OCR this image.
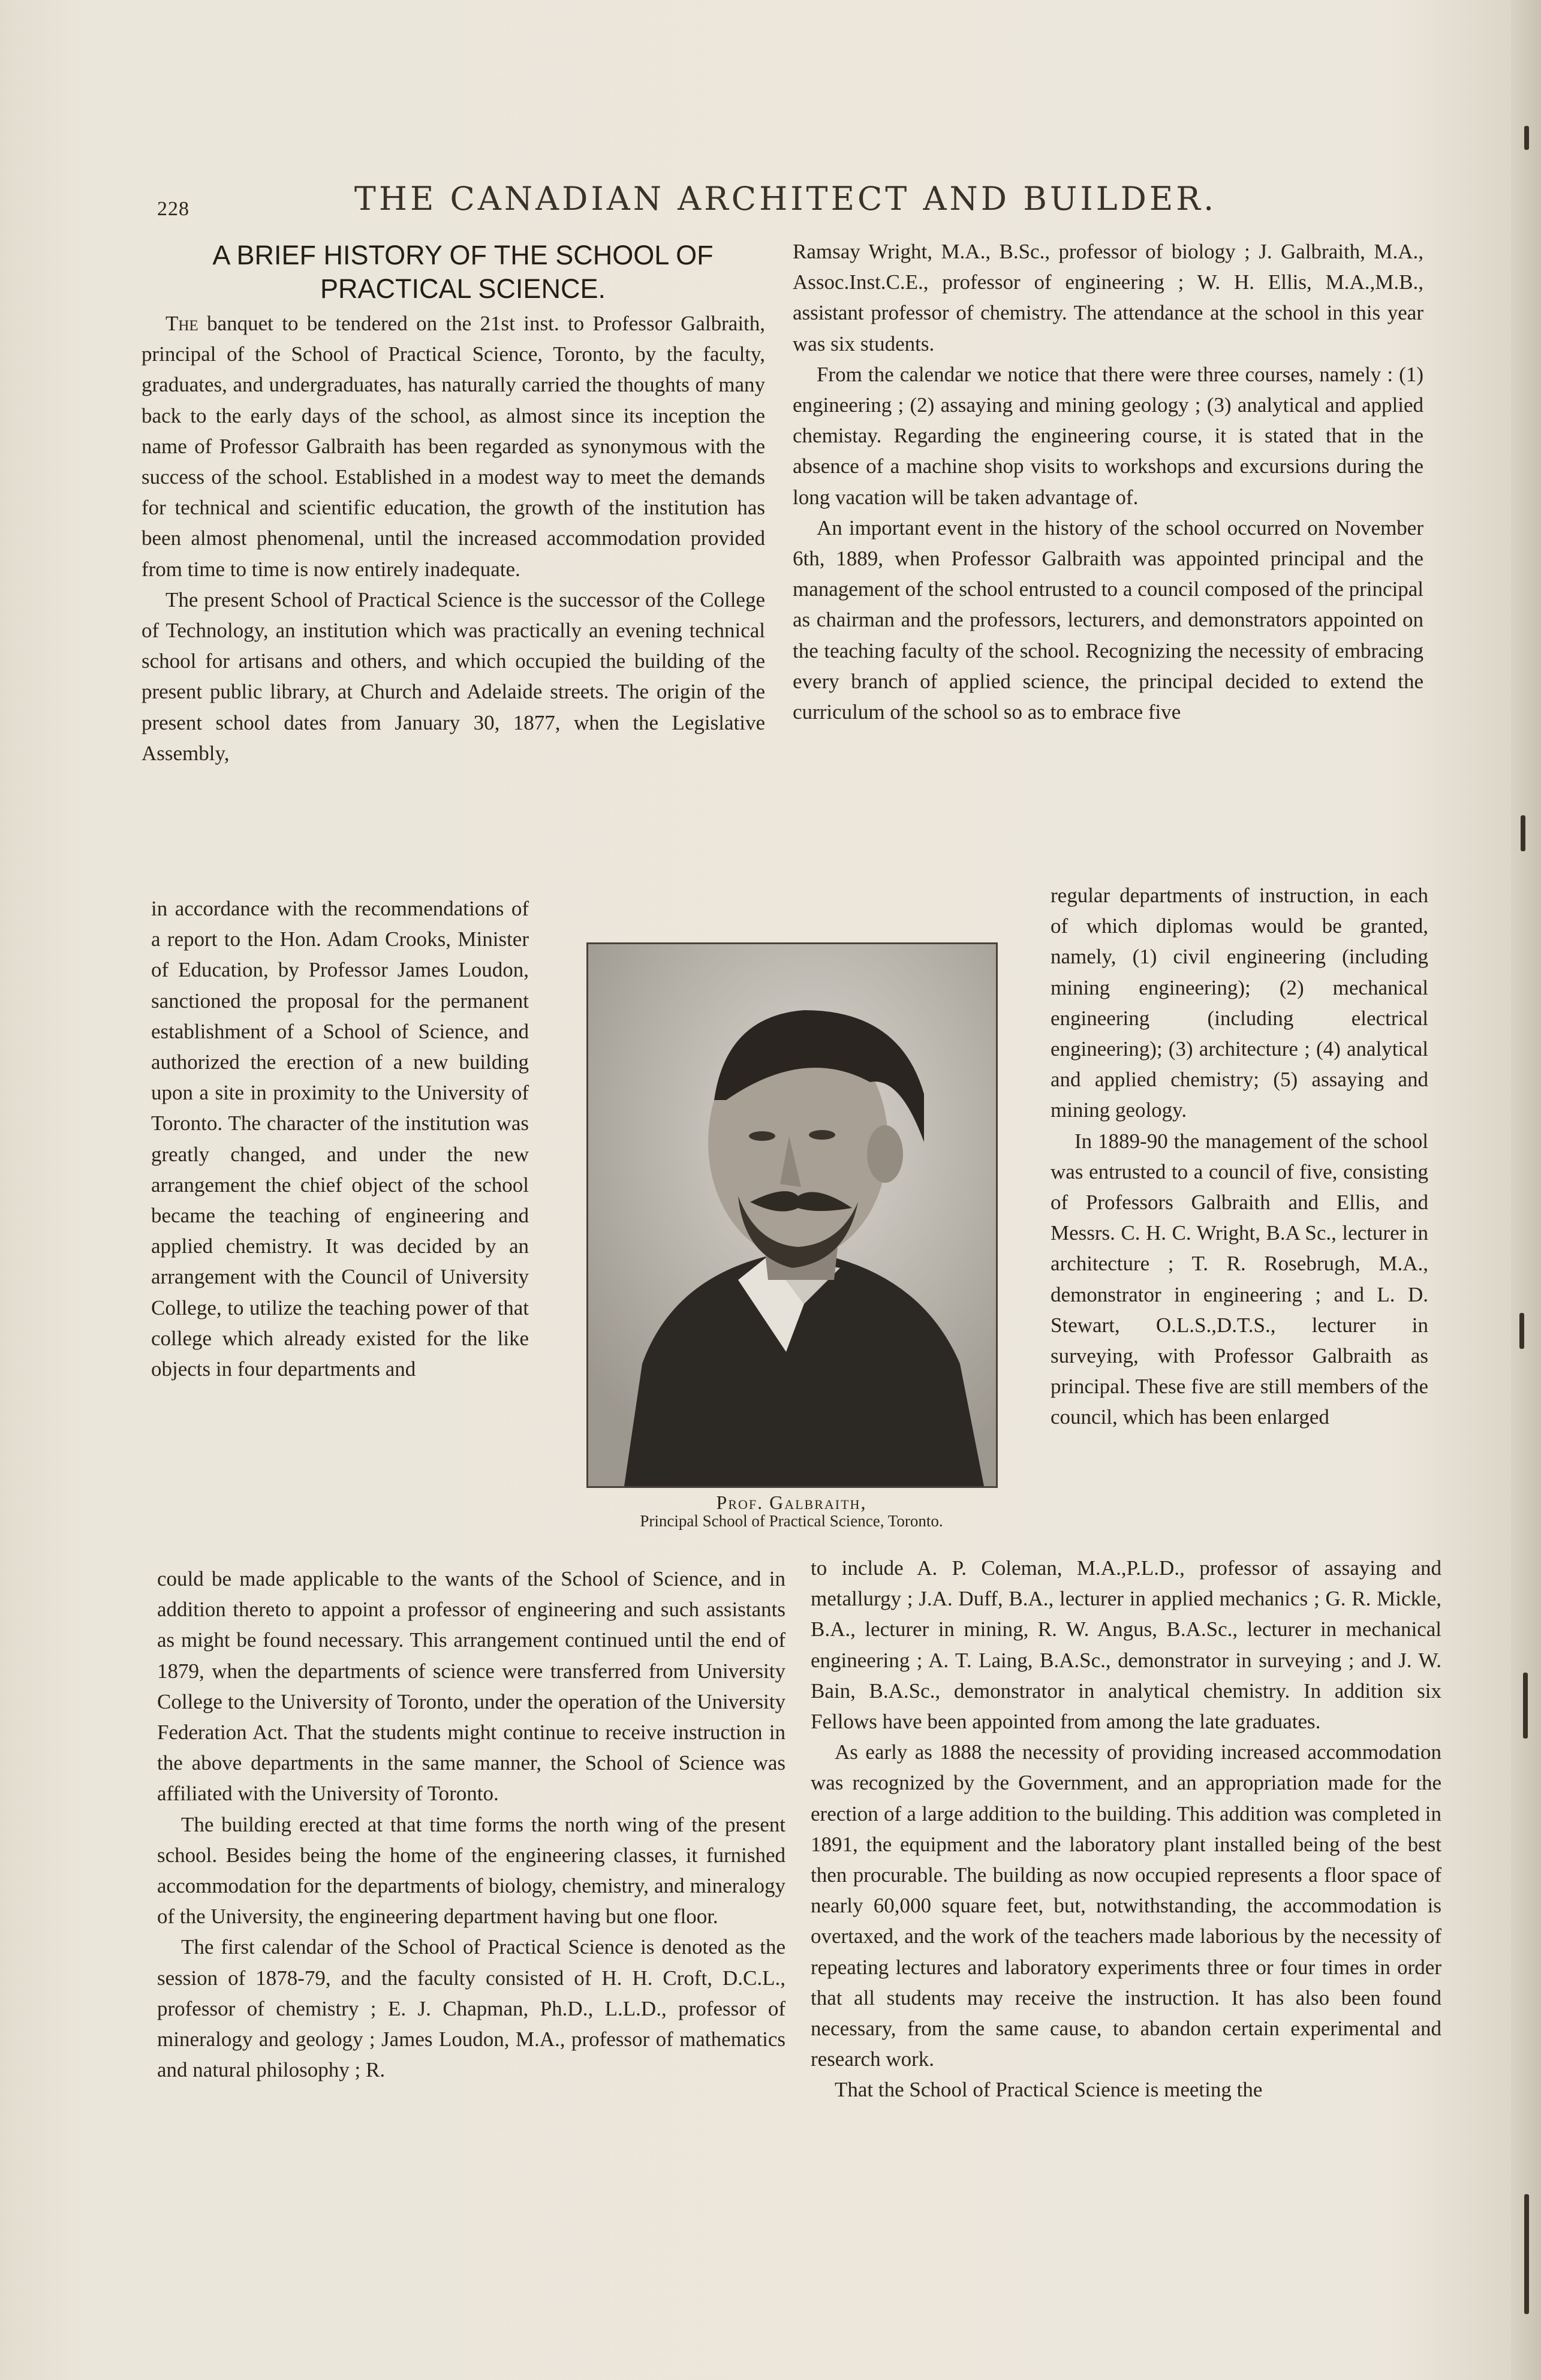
228	THE CANADIAN ARCHITECT AND BUILDER.
A BRIEF HISTORY OF THE SCHOOL OF
PRACTICAL SCIENCE.

The banquet to be tendered on the 21st inst. to Professor Galbraith, principal of the School of Practical Science, Toronto, by the faculty, graduates, and undergraduates, has naturally carried the thoughts of many back to the early days of the school, as almost since its inception the name of Professor Galbraith has been regarded as synonymous with the success of the school. Established in a modest way to meet the demands for technical and scientific education, the growth of the institution has been almost phenomenal, until the increased accommodation provided from time to time is now entirely inadequate.

The present School of Practical Science is the successor of the College of Technology, an institution which was practically an evening technical school for artisans and others, and which occupied the building of the present public library, at Church and Adelaide streets. The origin of the present school dates from January 30, 1877, when the Legislative Assembly,

in accordance with the recommendations of a report to the Hon. Adam Crooks, Minister of Education, by Professor James Loudon, sanctioned the proposal for the permanent establishment of a School of Science, and authorized the erection of a new building upon a site in proximity to the University of Toronto. The character of the institution was greatly changed, and under the new arrangement the chief object of the school became the teaching of engineering and applied chemistry. It was decided by an arrangement with the Council of University College, to utilize the teaching power of that college which already existed for the like objects in four departments and

Prof. Galbraith,
Principal School of Practical Science, Toronto.

could be made applicable to the wants of the School of Science, and in addition thereto to appoint a professor of engineering and such assistants as might be found necessary. This arrangement continued until the end of 1879, when the departments of science were transferred from University College to the University of Toronto, under the operation of the University Federation Act. That the students might continue to receive instruction in the above departments in the same manner, the School of Science was affiliated with the University of Toronto.

The building erected at that time forms the north wing of the present school. Besides being the home of the engineering classes, it furnished accommodation for the departments of biology, chemistry, and mineralogy of the University, the engineering department having but one floor.

The first calendar of the School of Practical Science is denoted as the session of 1878-79, and the faculty consisted of H. H. Croft, D.C.L., professor of chemistry ; E. J. Chapman, Ph.D., L.L.D., professor of mineralogy and geology ; James Loudon, M.A., professor of mathematics and natural philosophy ; R.

Ramsay Wright, M.A., B.Sc., professor of biology ; J. Galbraith, M.A., Assoc.Inst.C.E., professor of engineering ; W. H. Ellis, M.A.,M.B., assistant professor of chemistry. The attendance at the school in this year was six students.

From the calendar we notice that there were three courses, namely : (1) engineering ; (2) assaying and mining geology ; (3) analytical and applied chemistay. Regarding the engineering course, it is stated that in the absence of a machine shop visits to workshops and excursions during the long vacation will be taken advantage of.

An important event in the history of the school occurred on November 6th, 1889, when Professor Galbraith was appointed principal and the management of the school entrusted to a council composed of the principal as chairman and the professors, lecturers, and demonstrators appointed on the teaching faculty of the school. Recognizing the necessity of embracing every branch of applied science, the principal decided to extend the curriculum of the school so as to embrace five

regular departments of instruction, in each of which diplomas would be granted, namely, (1) civil engineering (including mining engineering); (2) mechanical engineering (including electrical engineering); (3) architecture ; (4) analytical and applied chemistry; (5) assaying and mining geology.

In 1889-90 the management of the school was entrusted to a council of five, consisting of Professors Galbraith and Ellis, and Messrs. C. H. C. Wright, B.A Sc., lecturer in architecture ; T. R. Rosebrugh, M.A., demonstrator in engineering ; and L. D. Stewart, O.L.S.,D.T.S., lecturer in surveying, with Professor Galbraith as principal. These five are still members of the council, which has been enlarged

to include A. P. Coleman, M.A.,P.L.D., professor of assaying and metallurgy ; J.A. Duff, B.A., lecturer in applied mechanics ; G. R. Mickle, B.A., lecturer in mining, R. W. Angus, B.A.Sc., lecturer in mechanical engineering ; A. T. Laing, B.A.Sc., demonstrator in surveying ; and J. W. Bain, B.A.Sc., demonstrator in analytical chemistry. In addition six Fellows have been appointed from among the late graduates.

As early as 1888 the necessity of providing increased accommodation was recognized by the Government, and an appropriation made for the erection of a large addition to the building. This addition was completed in 1891, the equipment and the laboratory plant installed being of the best then procurable. The building as now occupied represents a floor space of nearly 60,000 square feet, but, notwithstanding, the accommodation is overtaxed, and the work of the teachers made laborious by the necessity of repeating lectures and laboratory experiments three or four times in order that all students may receive the instruction. It has also been found necessary, from the same cause, to abandon certain experimental and research work.

That the School of Practical Science is meeting the
